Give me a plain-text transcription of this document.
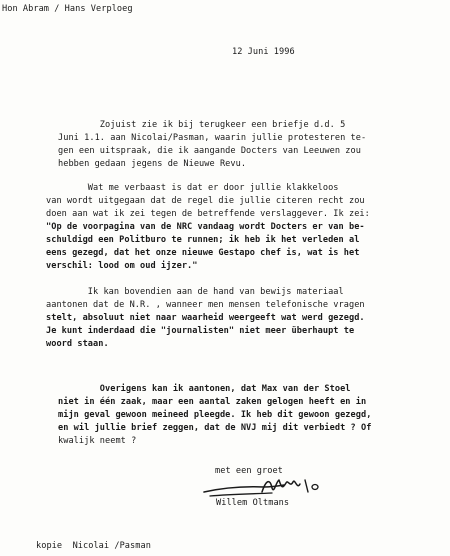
Hon Abram / Hans Verploeg
12 Juni 1996
Zojuist zie ik bij terugkeer een briefje d.d. 5
Juni 1.1. aan Nicolai/Pasman, waarin jullie protesteren te-
gen een uitspraak, die ik aangande Docters van Leeuwen zou
hebben gedaan jegens de Nieuwe Revu.
Wat me verbaast is dat er door jullie klakkeloos
van wordt uitgegaan dat de regel die jullie citeren recht zou
doen aan wat ik zei tegen de betreffende verslaggever. Ik zei:
"Op de voorpagina van de NRC vandaag wordt Docters er van be-
schuldigd een Politburo te runnen; ik heb ik het verleden al
eens gezegd, dat het onze nieuwe Gestapo chef is, wat is het
verschil: lood om oud ijzer."
Ik kan bovendien aan de hand van bewijs materiaal
aantonen dat de N.R. , wanneer men mensen telefonische vragen
stelt, absoluut niet naar waarheid weergeeft wat werd gezegd.
Je kunt inderdaad die "journalisten" niet meer überhaupt te
woord staan.
Overigens kan ik aantonen, dat Max van der Stoel
niet in één zaak, maar een aantal zaken gelogen heeft en in
mijn geval gewoon meineed pleegde. Ik heb dit gewoon gezegd,
en wil jullie brief zeggen, dat de NVJ mij dit verbiedt ? Of
kwalijk neemt ?
met een groet
Willem Oltmans
kopie  Nicolai /Pasman
